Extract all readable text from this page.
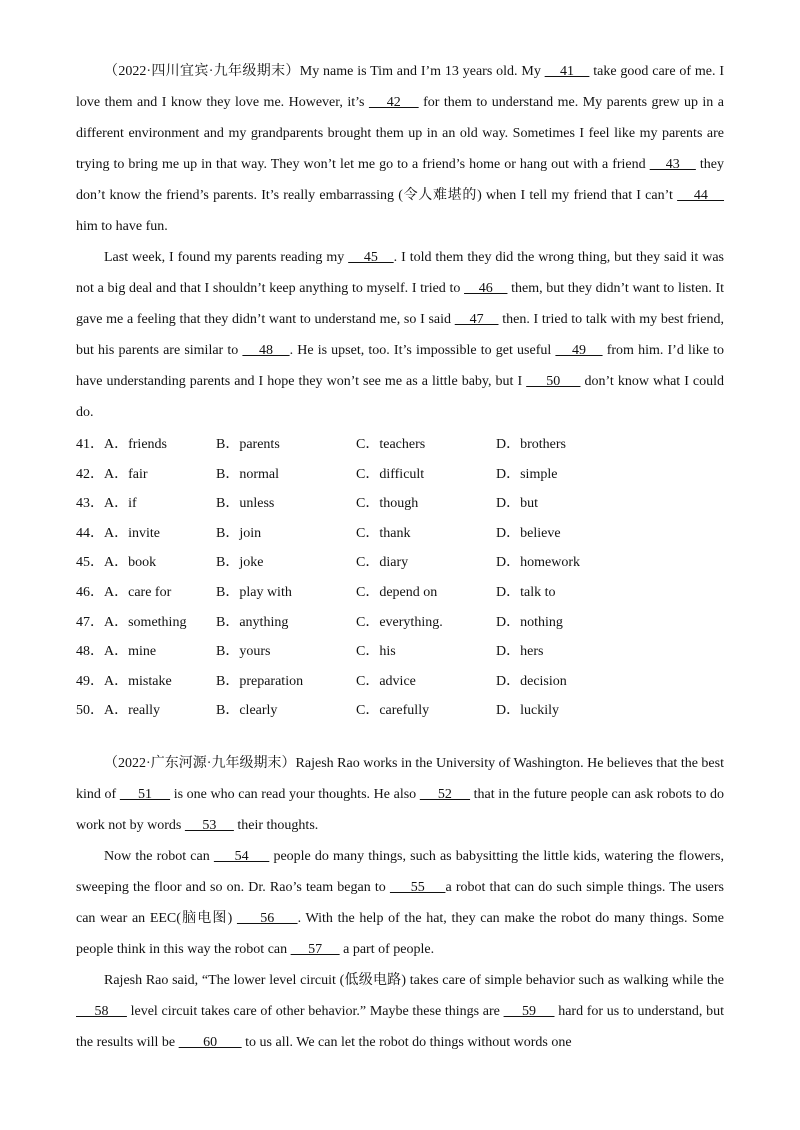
（2022·四川宜宾·九年级期末）My name is Tim and I’m 13 years old. My     41     take good care of me. I love them and I know they love me. However, it’s     42     for them to understand me. My parents grew up in a different environment and my grandparents brought them up in an old way. Sometimes I feel like my parents are trying to bring me up in that way. They won’t let me go to a friend’s home or hang out with a friend     43     they don’t know the friend’s parents. It’s really embarrassing (令人难堪的) when I tell my friend that I can’t     44     him to have fun.

Last week, I found my parents reading my     45    . I told them they did the wrong thing, but they said it was not a big deal and that I shouldn’t keep anything to myself. I tried to     46     them, but they didn’t want to listen. It gave me a feeling that they didn’t want to understand me, so I said     47     then. I tried to talk with my best friend, but his parents are similar to     48    . He is upset, too. It’s impossible to get useful     49     from him. I’d like to have understanding parents and I hope they won’t see me as a little baby, but I      50      don’t know what I could do.

41．A．friends	B．parents	C．teachers	D．brothers
42．A．fair	B．normal	C．difficult	D．simple
43．A．if	B．unless	C．though	D．but
44．A．invite	B．join	C．thank	D．believe
45．A．book	B．joke	C．diary	D．homework
46．A．care for	B．play with	C．depend on	D．talk to
47．A．something	B．anything	C．everything.	D．nothing
48．A．mine	B．yours	C．his	D．hers
49．A．mistake	B．preparation	C．advice	D．decision
50．A．really	B．clearly	C．carefully	D．luckily

（2022·广东河源·九年级期末）Rajesh Rao works in the University of Washington. He believes that the best kind of      51      is one who can read your thoughts. He also      52      that in the future people can ask robots to do work not by words      53      their thoughts.

Now the robot can      54      people do many things, such as babysitting the little kids, watering the flowers, sweeping the floor and so on. Dr. Rao’s team began to      55     a robot that can do such simple things. The users can wear an EEC(脑电图)      56     . With the help of the hat, they can make the robot do many things. Some people think in this way the robot can      57      a part of people.

Rajesh Rao said, “The lower level circuit (低级电路) takes care of simple behavior such as walking while the      58      level circuit takes care of other behavior.” Maybe these things are      59      hard for us to understand, but the results will be        60        to us all. We can let the robot do things without words one
